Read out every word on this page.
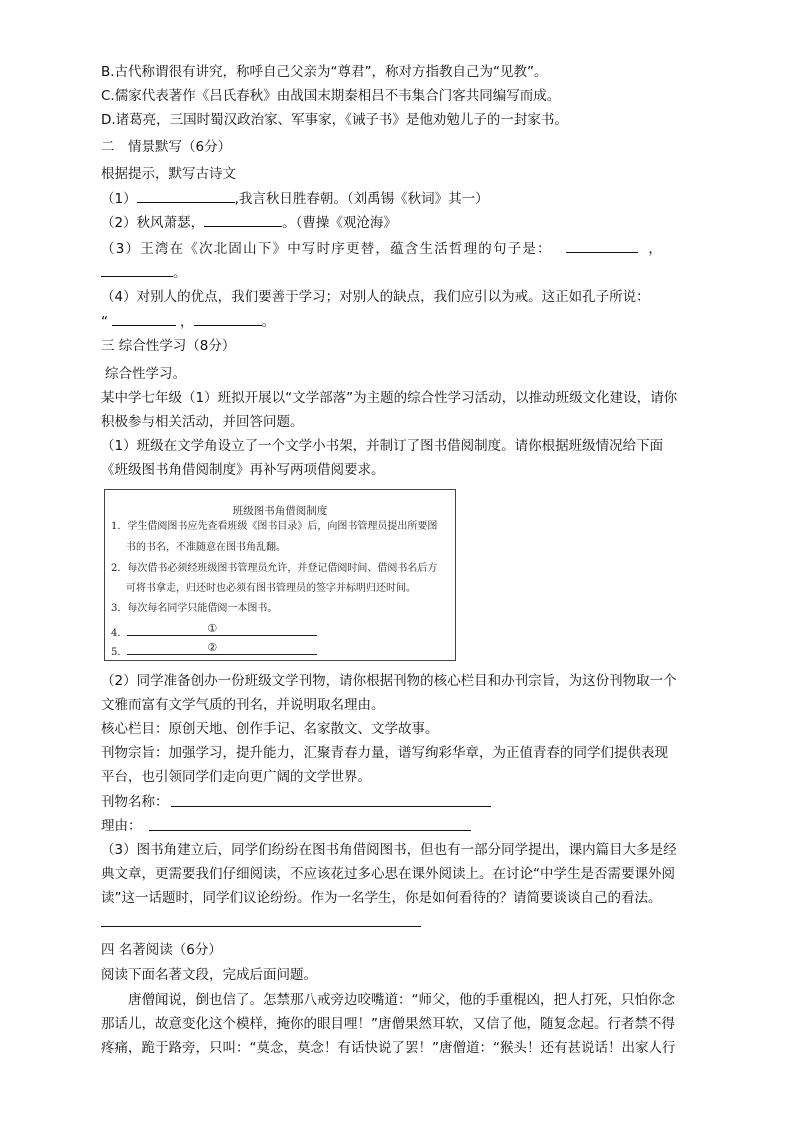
B.古代称谓很有讲究，称呼自己父亲为“尊君”，称对方指教自己为“见教”。
C.儒家代表著作《吕氏春秋》由战国末期秦相吕不韦集合门客共同编写而成。
D.诸葛亮，三国时蜀汉政治家、军事家，《诫子书》是他劝勉儿子的一封家书。
二　情景默写（6分）
根据提示，默写古诗文
（1）	,我言秋日胜春朝。（刘禹锡《秋词》其一）
（2）秋风萧瑟，	。（曹操《观沧海》
（3）王湾在《次北固山下》中写时序更替，蕴含生活哲理的句子是：	，
。
（4）对别人的优点，我们要善于学习；对别人的缺点，我们应引以为戒。这正如孔子所说：
“	，	。
三 综合性学习（8分）
综合性学习。
某中学七年级（1）班拟开展以“文学部落”为主题的综合性学习活动，以推动班级文化建设，请你
积极参与相关活动，并回答问题。
（1）班级在文学角设立了一个文学小书架，并制订了图书借阅制度。请你根据班级情况给下面
《班级图书角借阅制度》再补写两项借阅要求。
班级图书角借阅制度
1．学生借阅图书应先查看班级《图书目录》后，向图书管理员提出所要图
书的书名，不准随意在图书角乱翻。
2．每次借书必须经班级图书管理员允许，并登记借阅时间、借阅书名后方
可将书拿走，归还时也必须有图书管理员的签字并标明归还时间。
3．每次每名同学只能借阅一本图书。
4．	①
5．	②
（2）同学准备创办一份班级文学刊物，请你根据刊物的核心栏目和办刊宗旨，为这份刊物取一个
文雅而富有文学气质的刊名，并说明取名理由。
核心栏目：原创天地、创作手记、名家散文、文学故事。
刊物宗旨：加强学习，提升能力，汇聚青春力量，谱写绚彩华章，为正值青春的同学们提供表现
平台，也引领同学们走向更广阔的文学世界。
刊物名称：
理由：
（3）图书角建立后，同学们纷纷在图书角借阅图书，但也有一部分同学提出，课内篇目大多是经
典文章，更需要我们仔细阅读，不应该花过多心思在课外阅读上。在讨论“中学生是否需要课外阅
读”这一话题时，同学们议论纷纷。作为一名学生，你是如何看待的？请简要谈谈自己的看法。
四 名著阅读（6分）
阅读下面名著文段，完成后面问题。
唐僧闻说，倒也信了。怎禁那八戒旁边咬嘴道：“师父，他的手重棍凶，把人打死，只怕你念
那话儿，故意变化这个模样，掩你的眼目哩！”唐僧果然耳软，又信了他，随复念起。行者禁不得
疼痛，跪于路旁，只叫：“莫念，莫念！有话快说了罢！”唐僧道：“猴头！还有甚说话！出家人行
